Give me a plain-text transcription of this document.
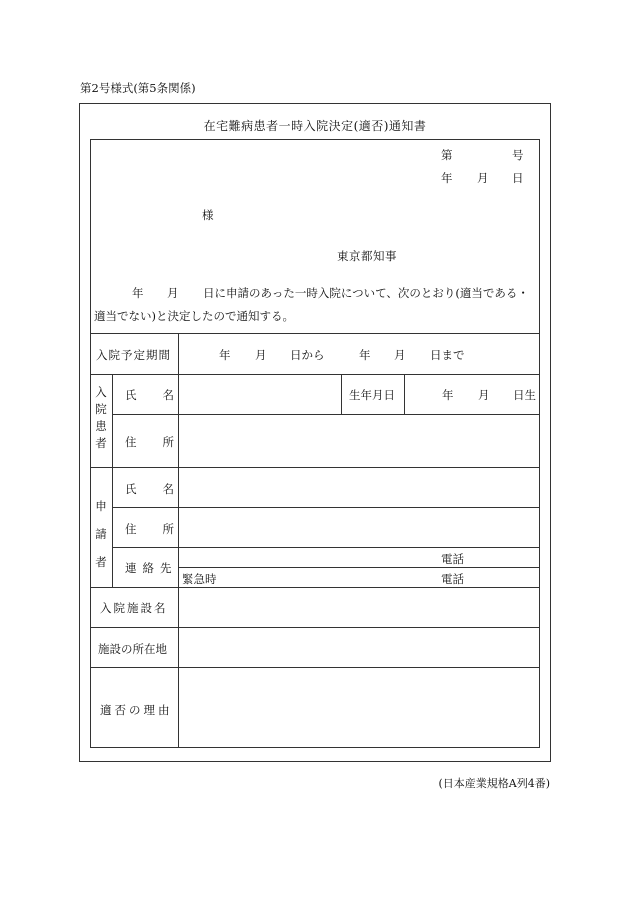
第2号様式(第5条関係)
在宅難病患者一時入院決定(適否)通知書
第	号
年 月 日
様
東京都知事
年 月 日に申請のあった一時入院について、次のとおり(適当である・
適当でない)と決定したので通知する。
入院予定期間	年 月 日から	年 月 日まで
入
院
患
者
氏名	生年月日	年 月 日生
住所
申
請
者
氏名
住所
連絡先
電話
緊急時	電話
入院施設名
施設の所在地
適否の理由
(日本産業規格A列4番)
